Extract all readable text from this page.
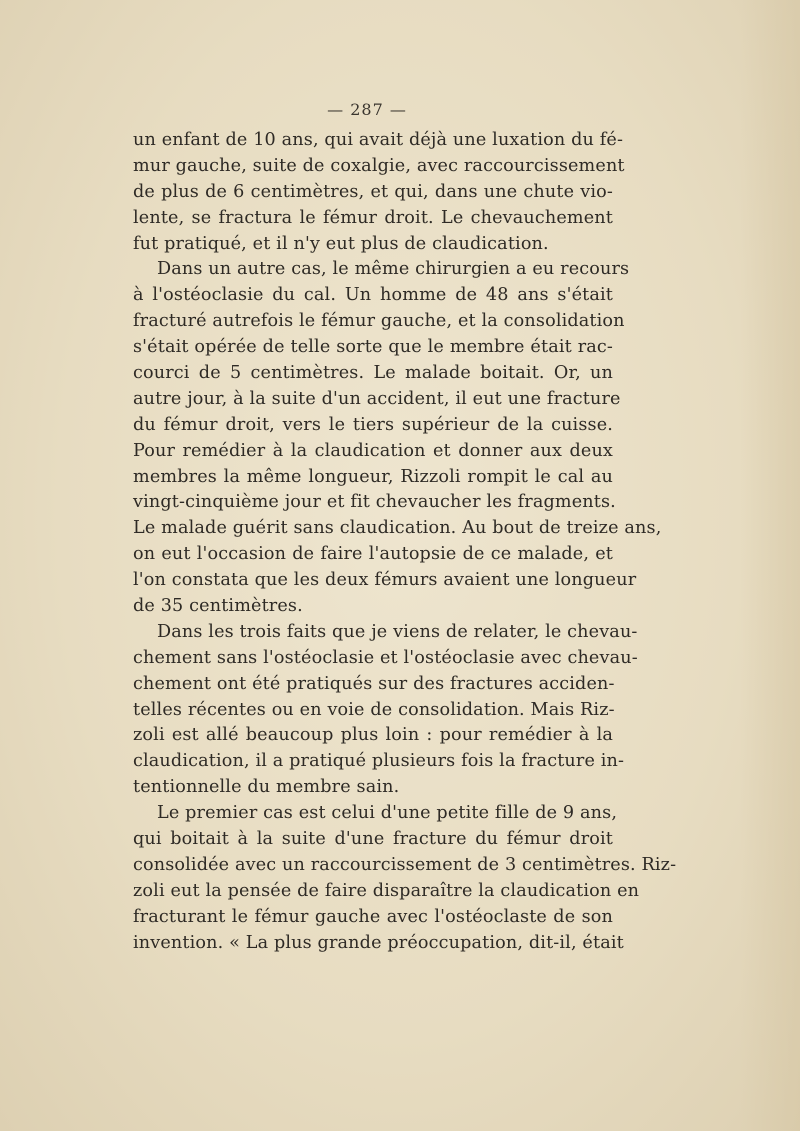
— 287 —
un enfant de 10 ans, qui avait déjà une luxation du fé-
mur gauche, suite de coxalgie, avec raccourcissement
de plus de 6 centimètres, et qui, dans une chute vio-
lente, se fractura le fémur droit. Le chevauchement
fut pratiqué, et il n'y eut plus de claudication.
Dans un autre cas, le même chirurgien a eu recours
à l'ostéoclasie du cal. Un homme de 48 ans s'était
fracturé autrefois le fémur gauche, et la consolidation
s'était opérée de telle sorte que le membre était rac-
courci de 5 centimètres. Le malade boitait. Or, un
autre jour, à la suite d'un accident, il eut une fracture
du fémur droit, vers le tiers supérieur de la cuisse.
Pour remédier à la claudication et donner aux deux
membres la même longueur, Rizzoli rompit le cal au
vingt-cinquième jour et fit chevaucher les fragments.
Le malade guérit sans claudication. Au bout de treize ans,
on eut l'occasion de faire l'autopsie de ce malade, et
l'on constata que les deux fémurs avaient une longueur
de 35 centimètres.
Dans les trois faits que je viens de relater, le chevau-
chement sans l'ostéoclasie et l'ostéoclasie avec chevau-
chement ont été pratiqués sur des fractures acciden-
telles récentes ou en voie de consolidation. Mais Riz-
zoli est allé beaucoup plus loin : pour remédier à la
claudication, il a pratiqué plusieurs fois la fracture in-
tentionnelle du membre sain.
Le premier cas est celui d'une petite fille de 9 ans,
qui boitait à la suite d'une fracture du fémur droit
consolidée avec un raccourcissement de 3 centimètres. Riz-
zoli eut la pensée de faire disparaître la claudication en
fracturant le fémur gauche avec l'ostéoclaste de son
invention. « La plus grande préoccupation, dit-il, était
